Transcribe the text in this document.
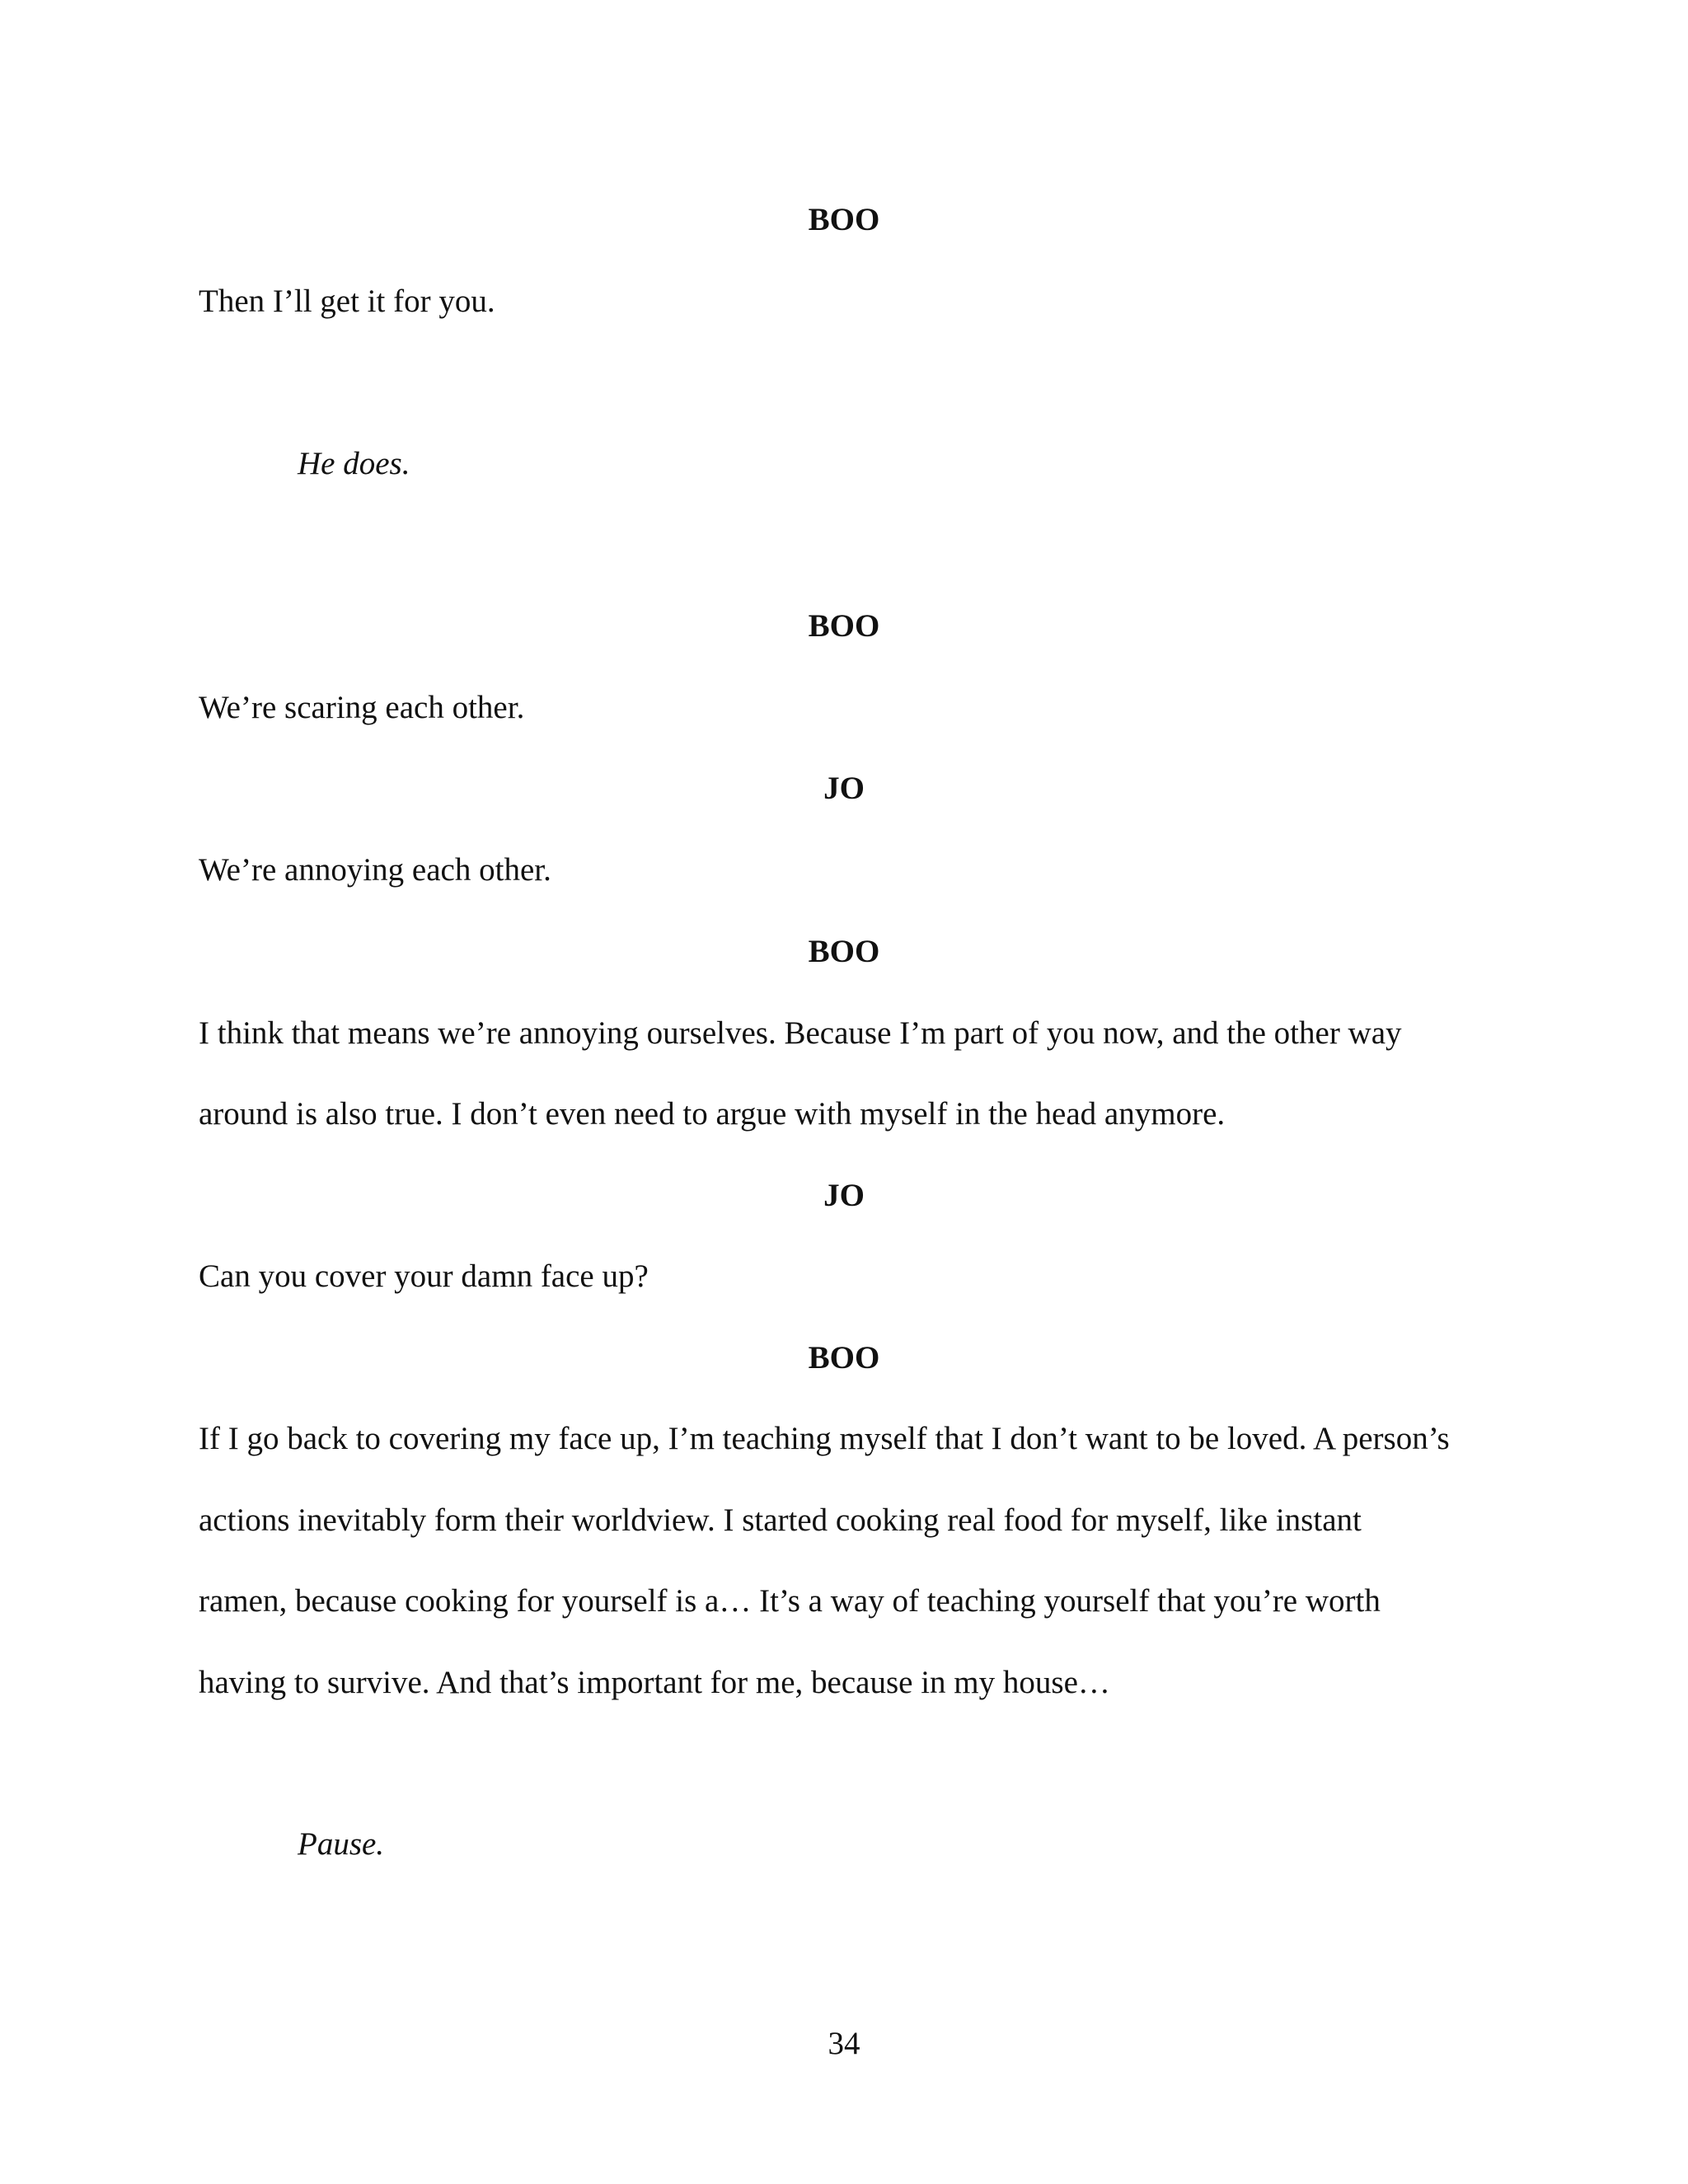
BOO
Then I’ll get it for you.
He does.
BOO
We’re scaring each other.
JO
We’re annoying each other.
BOO
I think that means we’re annoying ourselves. Because I’m part of you now, and the other way
around is also true. I don’t even need to argue with myself in the head anymore.
JO
Can you cover your damn face up?
BOO
If I go back to covering my face up, I’m teaching myself that I don’t want to be loved. A person’s
actions inevitably form their worldview. I started cooking real food for myself, like instant
ramen, because cooking for yourself is a… It’s a way of teaching yourself that you’re worth
having to survive. And that’s important for me, because in my house…
Pause.
34
